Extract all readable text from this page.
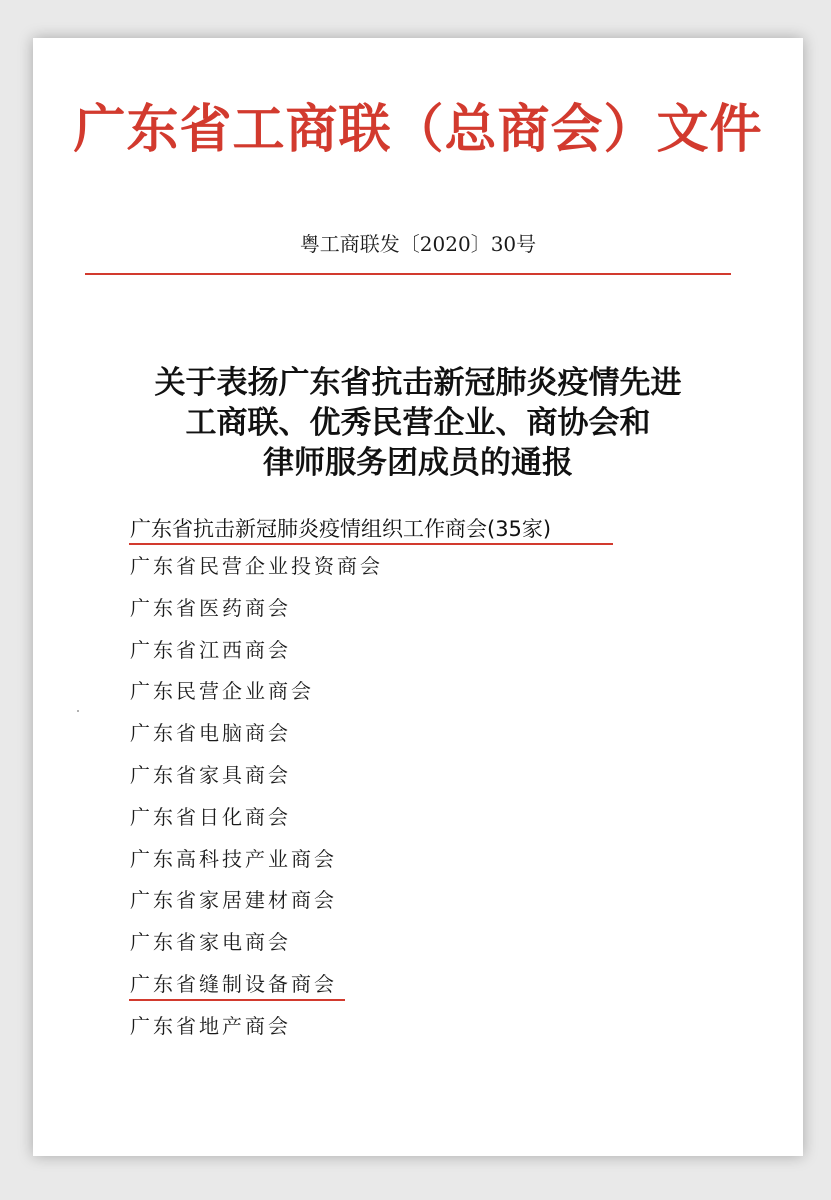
广东省工商联（总商会）文件
粤工商联发〔2020〕30号
关于表扬广东省抗击新冠肺炎疫情先进
工商联、优秀民营企业、商协会和
律师服务团成员的通报
广东省抗击新冠肺炎疫情组织工作商会(35家)
广东省民营企业投资商会
广东省医药商会
广东省江西商会
广东民营企业商会
广东省电脑商会
广东省家具商会
广东省日化商会
广东高科技产业商会
广东省家居建材商会
广东省家电商会
广东省缝制设备商会
广东省地产商会
